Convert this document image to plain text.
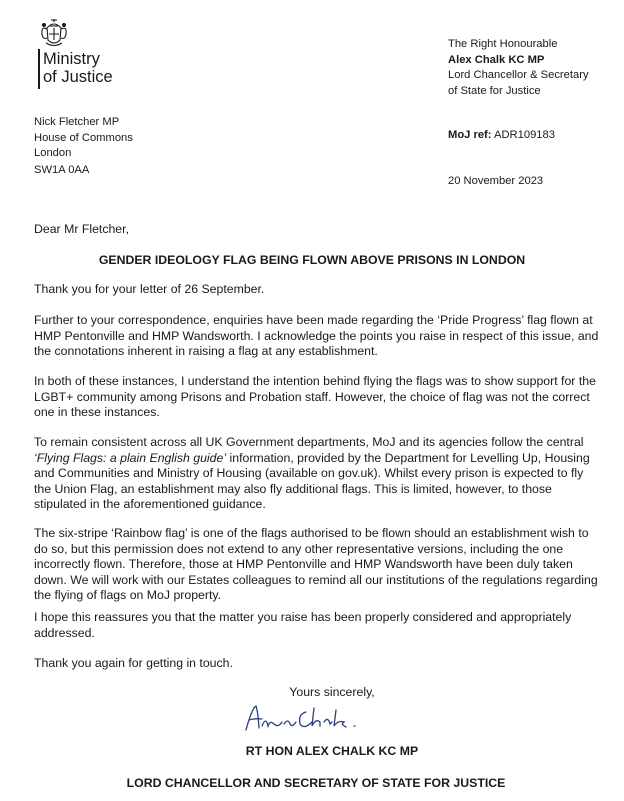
Ministry
of Justice
The Right Honourable
Alex Chalk KC MP
Lord Chancellor & Secretary
of State for Justice
Nick Fletcher MP
House of Commons
London
SW1A 0AA
MoJ ref: ADR109183
20 November 2023
Dear Mr Fletcher,
GENDER IDEOLOGY FLAG BEING FLOWN ABOVE PRISONS IN LONDON

Thank you for your letter of 26 September.

Further to your correspondence, enquiries have been made regarding the ‘Pride Progress’ flag flown at HMP Pentonville and HMP Wandsworth. I acknowledge the points you raise in respect of this issue, and the connotations inherent in raising a flag at any establishment.

In both of these instances, I understand the intention behind flying the flags was to show support for the LGBT+ community among Prisons and Probation staff. However, the choice of flag was not the correct one in these instances.

To remain consistent across all UK Government departments, MoJ and its agencies follow the central ‘Flying Flags: a plain English guide’ information, provided by the Department for Levelling Up, Housing and Communities and Ministry of Housing (available on gov.uk). Whilst every prison is expected to fly the Union Flag, an establishment may also fly additional flags. This is limited, however, to those stipulated in the aforementioned guidance.

The six-stripe ‘Rainbow flag’ is one of the flags authorised to be flown should an establishment wish to do so, but this permission does not extend to any other representative versions, including the one incorrectly flown. Therefore, those at HMP Pentonville and HMP Wandsworth have been duly taken down. We will work with our Estates colleagues to remind all our institutions of the regulations regarding the flying of flags on MoJ property.

I hope this reassures you that the matter you raise has been properly considered and appropriately addressed.

Thank you again for getting in touch.

Yours sincerely,
RT HON ALEX CHALK KC MP
LORD CHANCELLOR AND SECRETARY OF STATE FOR JUSTICE
